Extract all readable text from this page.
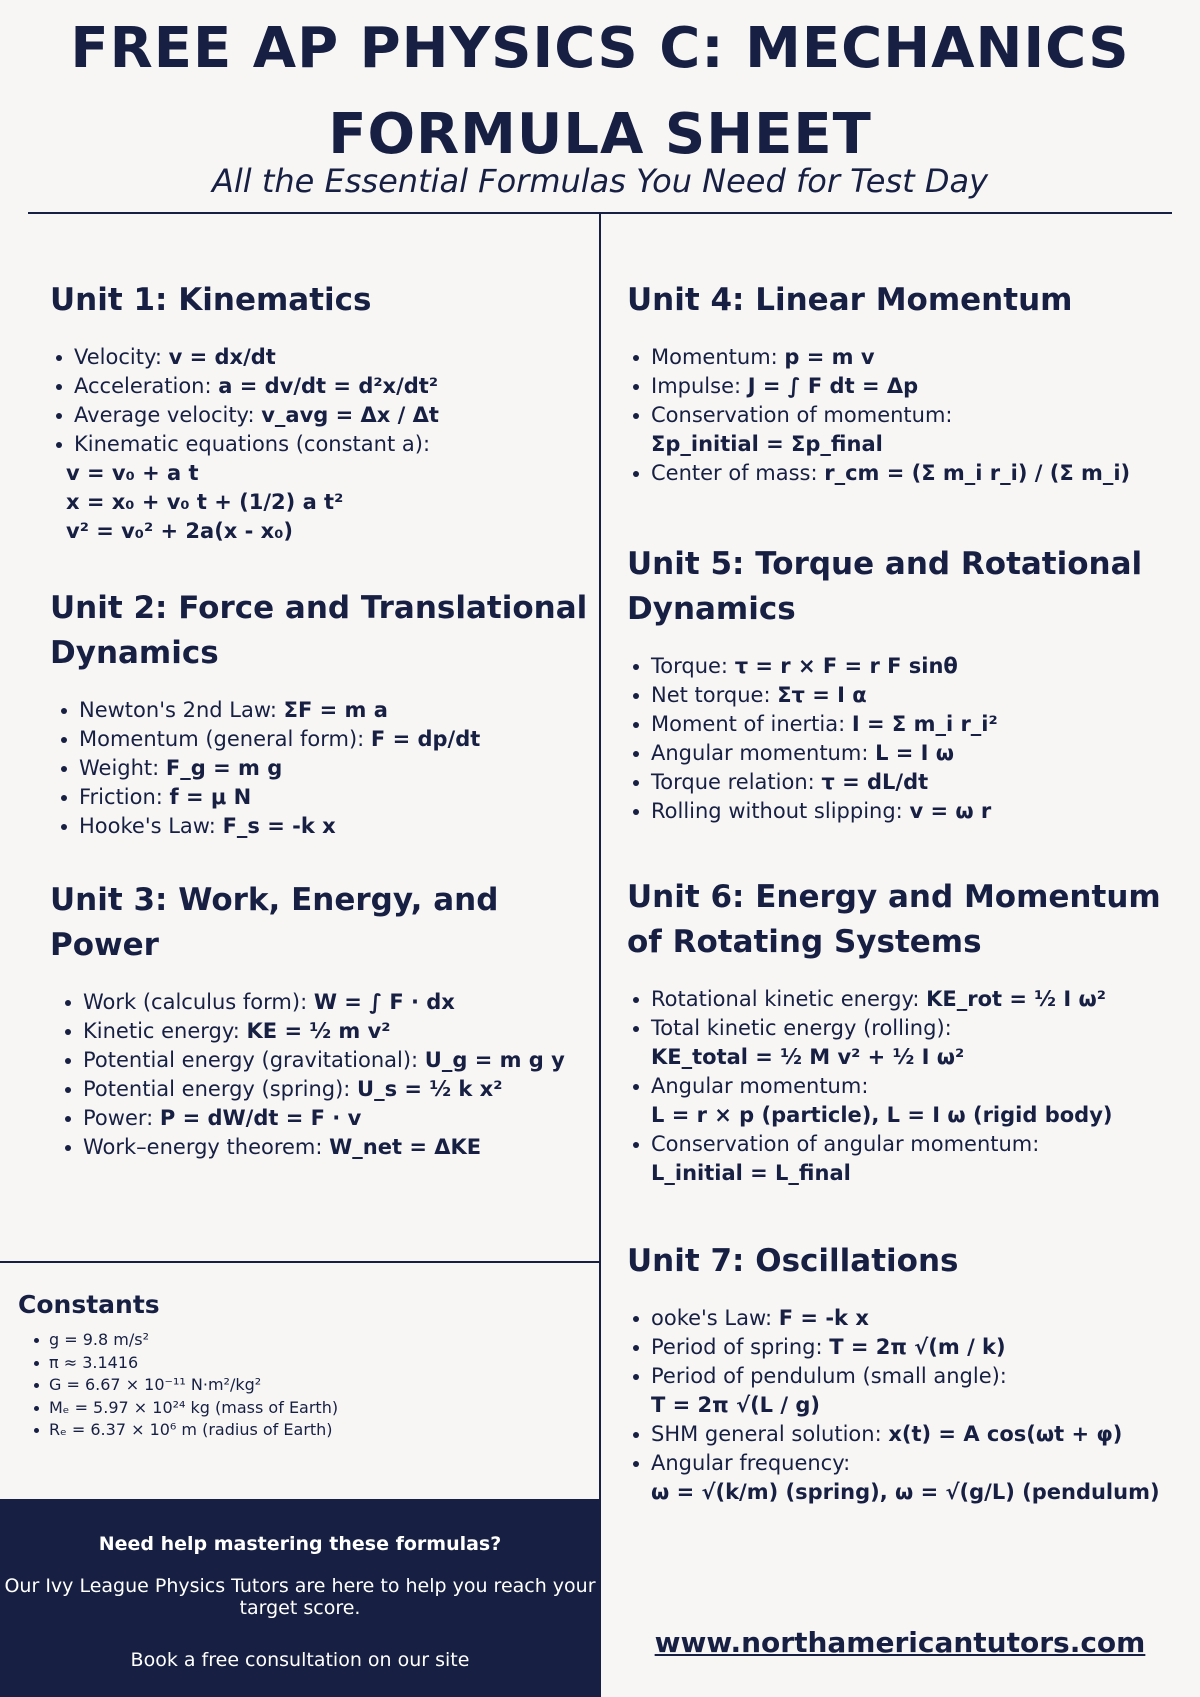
FREE AP PHYSICS C: MECHANICS FORMULA SHEET
All the Essential Formulas You Need for Test Day
Unit 1: Kinematics
Velocity: v = dx/dt
Acceleration: a = dv/dt = d²x/dt²
Average velocity: v_avg = Δx / Δt
Kinematic equations (constant a):
v = v₀ + a t
x = x₀ + v₀ t + (1/2) a t²
v² = v₀² + 2a(x - x₀)
Unit 2: Force and Translational Dynamics
Newton's 2nd Law: ΣF = m a
Momentum (general form): F = dp/dt
Weight: F_g = m g
Friction: f = μ N
Hooke's Law: F_s = -k x
Unit 3: Work, Energy, and Power
Work (calculus form): W = ∫ F · dx
Kinetic energy: KE = ½ m v²
Potential energy (gravitational): U_g = m g y
Potential energy (spring): U_s = ½ k x²
Power: P = dW/dt = F · v
Work–energy theorem: W_net = ΔKE
Unit 4: Linear Momentum
Momentum: p = m v
Impulse: J = ∫ F dt = Δp
Conservation of momentum:
Σp_initial = Σp_final
Center of mass: r_cm = (Σ m_i r_i) / (Σ m_i)
Unit 5: Torque and Rotational Dynamics
Torque: τ = r × F = r F sinθ
Net torque: Στ = I α
Moment of inertia: I = Σ m_i r_i²
Angular momentum: L = I ω
Torque relation: τ = dL/dt
Rolling without slipping: v = ω r
Unit 6: Energy and Momentum of Rotating Systems
Rotational kinetic energy: KE_rot = ½ I ω²
Total kinetic energy (rolling):
KE_total = ½ M v² + ½ I ω²
Angular momentum:
L = r × p (particle), L = I ω (rigid body)
Conservation of angular momentum:
L_initial = L_final
Unit 7: Oscillations
ooke's Law: F = -k x
Period of spring: T = 2π √(m / k)
Period of pendulum (small angle):
T = 2π √(L / g)
SHM general solution: x(t) = A cos(ωt + φ)
Angular frequency:
ω = √(k/m) (spring), ω = √(g/L) (pendulum)
Constants
g = 9.8 m/s²
π ≈ 3.1416
G = 6.67 × 10⁻¹¹ N·m²/kg²
Mₑ = 5.97 × 10²⁴ kg (mass of Earth)
Rₑ = 6.37 × 10⁶ m (radius of Earth)
Need help mastering these formulas?
Our Ivy League Physics Tutors are here to help you reach your target score.
Book a free consultation on our site
www.northamericantutors.com
